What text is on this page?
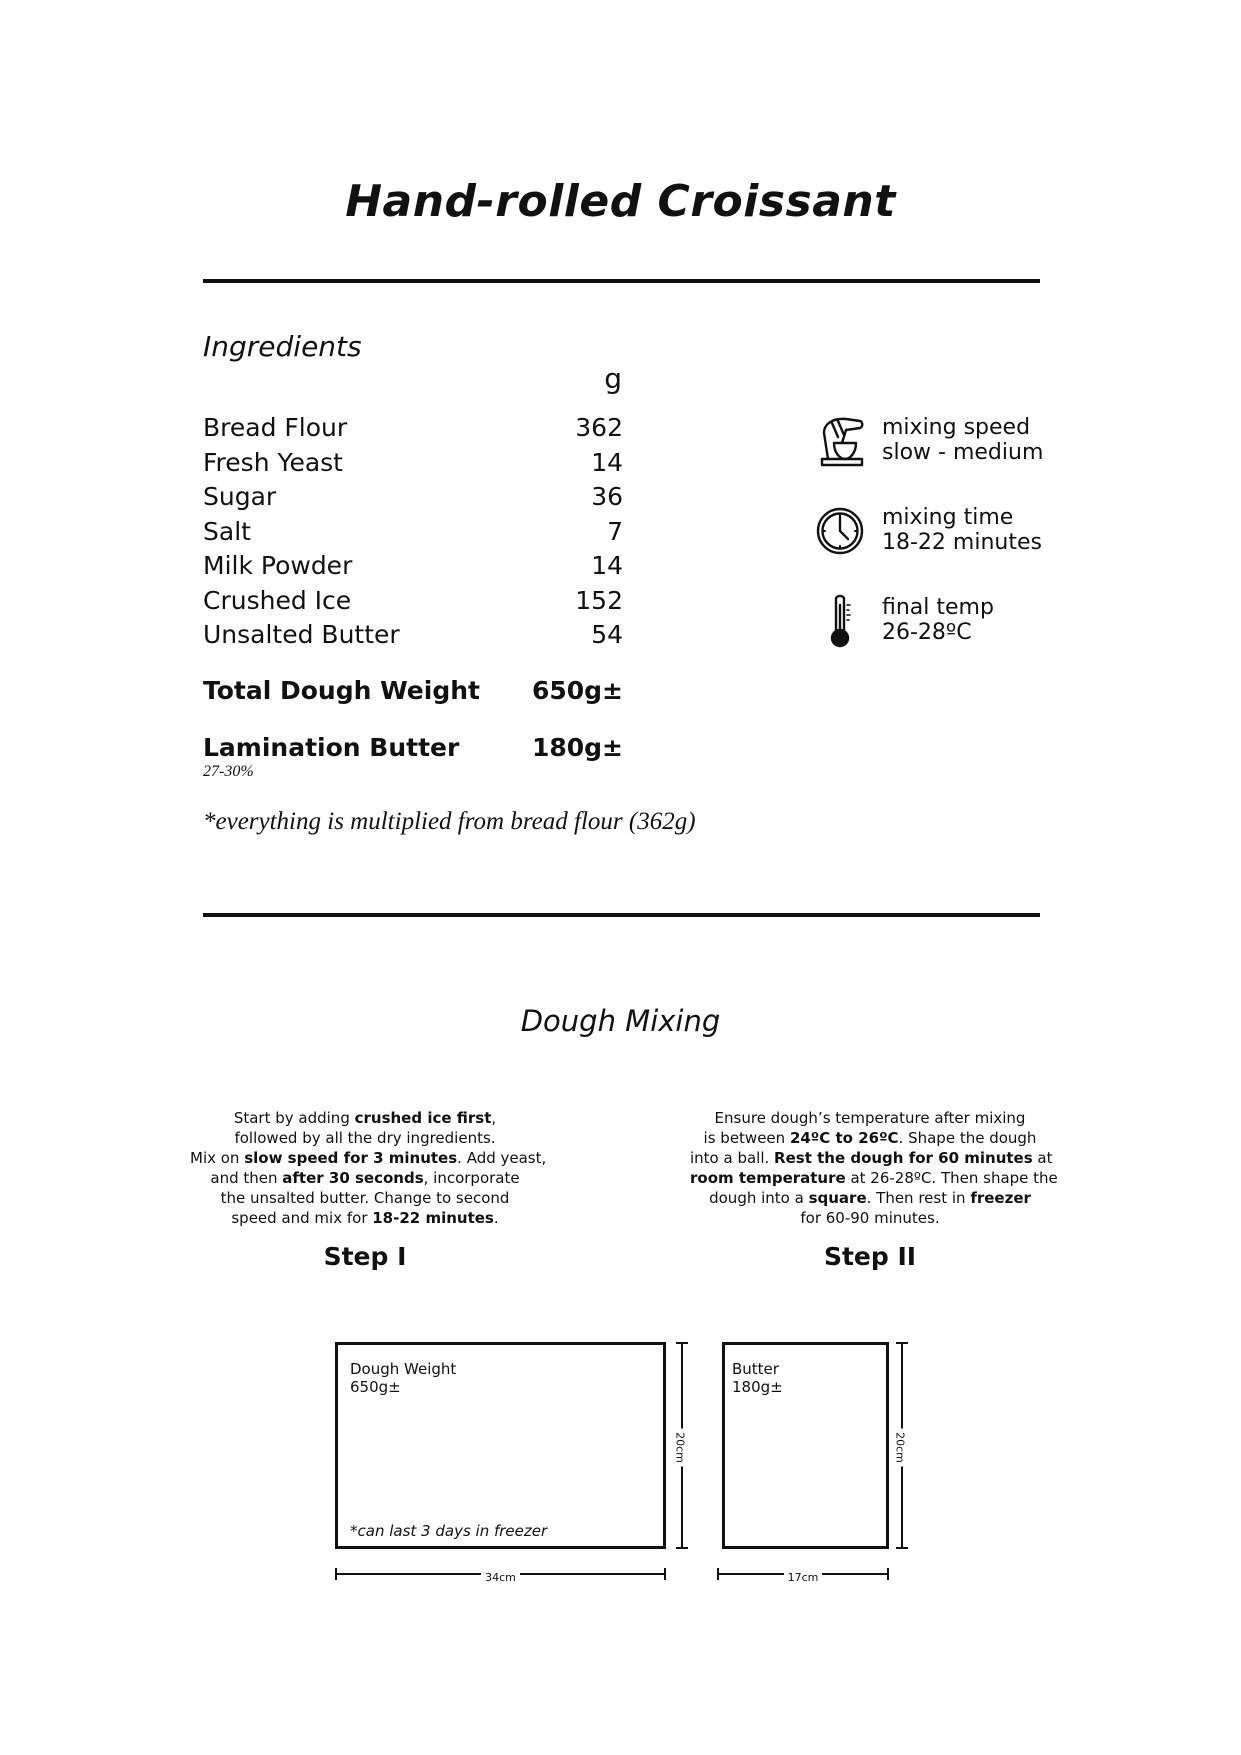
Hand-rolled Croissant
Ingredients
g
Bread Flour	362
Fresh Yeast	14
Sugar	36
Salt	7
Milk Powder	14
Crushed Ice	152
Unsalted Butter	54
Total Dough Weight 650g±
Lamination Butter	180g±
27-30%
*everything is multiplied from bread flour (362g)
mixing speed
slow - medium
mixing time
18-22 minutes
final temp
26-28ºC
Dough Mixing
Start by adding crushed ice first,
followed by all the dry ingredients.
Mix on slow speed for 3 minutes. Add yeast,
and then after 30 seconds, incorporate
the unsalted butter. Change to second
speed and mix for 18-22 minutes.
Step I
Ensure dough’s temperature after mixing
is between 24ºC to 26ºC. Shape the dough
into a ball. Rest the dough for 60 minutes at
room temperature at 26-28ºC. Then shape the
dough into a square. Then rest in freezer
for 60-90 minutes.
Step II
Dough Weight
650g±
*can last 3 days in freezer
34cm
20cm
Butter
180g±
17cm
20cm
